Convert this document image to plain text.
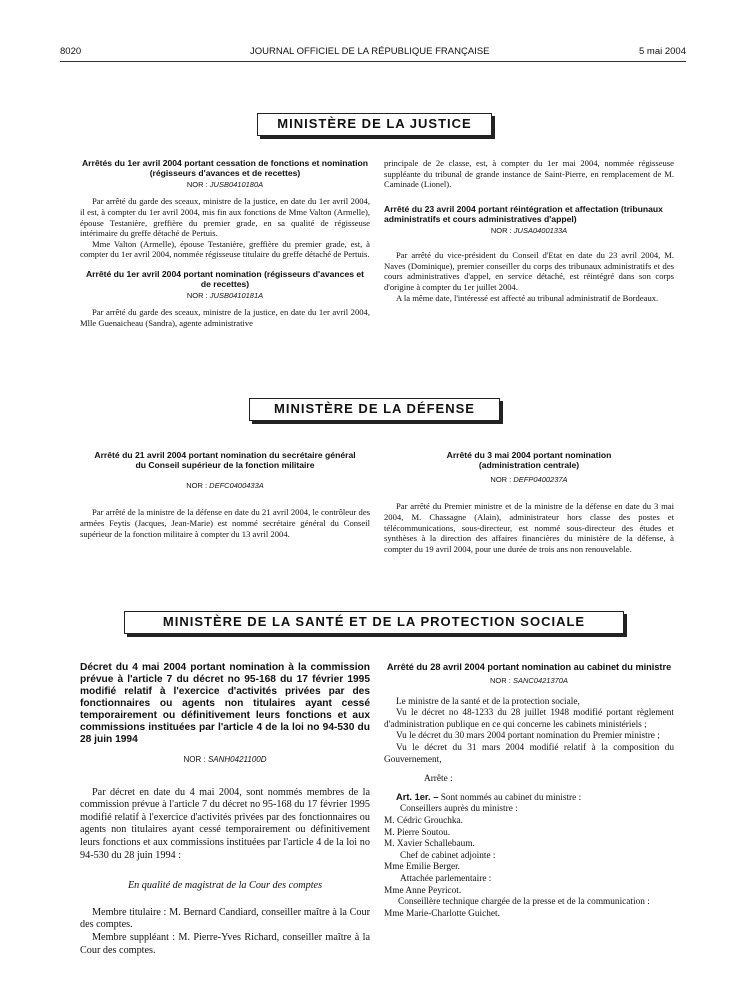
8020	JOURNAL OFFICIEL DE LA RÉPUBLIQUE FRANÇAISE	5 mai 2004
MINISTÈRE DE LA JUSTICE
Arrêtés du 1er avril 2004 portant cessation de fonctions et nomination (régisseurs d'avances et de recettes)
NOR : JUSB0410180A

Par arrêté du garde des sceaux, ministre de la justice, en date du 1er avril 2004, il est, à compter du 1er avril 2004, mis fin aux fonctions de Mme Valton (Armelle), épouse Testanière, greffière du premier grade, en sa qualité de régisseuse intérimaire du greffe détaché de Pertuis.

Mme Valton (Armelle), épouse Testanière, greffière du premier grade, est, à compter du 1er avril 2004, nommée régisseuse titulaire du greffe détaché de Pertuis.

Arrêté du 1er avril 2004 portant nomination (régisseurs d'avances et de recettes)
NOR : JUSB0410181A

Par arrêté du garde des sceaux, ministre de la justice, en date du 1er avril 2004, Mlle Guenaicheau (Sandra), agente administrative

principale de 2e classe, est, à compter du 1er mai 2004, nommée régisseuse suppléante du tribunal de grande instance de Saint-Pierre, en remplacement de M. Caminade (Lionel).

Arrêté du 23 avril 2004 portant réintégration et affectation (tribunaux administratifs et cours administratives d'appel)
NOR : JUSA0400133A

Par arrêté du vice-président du Conseil d'Etat en date du 23 avril 2004, M. Naves (Dominique), premier conseiller du corps des tribunaux administratifs et des cours administratives d'appel, en service détaché, est réintégré dans son corps d'origine à compter du 1er juillet 2004.

A la même date, l'intéressé est affecté au tribunal administratif de Bordeaux.

MINISTÈRE DE LA DÉFENSE
Arrêté du 21 avril 2004 portant nomination du secrétaire général du Conseil supérieur de la fonction militaire
NOR : DEFC0400433A

Par arrêté de la ministre de la défense en date du 21 avril 2004, le contrôleur des armées Feytis (Jacques, Jean-Marie) est nommé secrétaire général du Conseil supérieur de la fonction militaire à compter du 13 avril 2004.

Arrêté du 3 mai 2004 portant nomination (administration centrale)
NOR : DEFP0400237A

Par arrêté du Premier ministre et de la ministre de la défense en date du 3 mai 2004, M. Chassagne (Alain), administrateur hors classe des postes et télécommunications, sous-directeur, est nommé sous-directeur des études et synthèses à la direction des affaires financières du ministère de la défense, à compter du 19 avril 2004, pour une durée de trois ans non renouvelable.

MINISTÈRE DE LA SANTÉ ET DE LA PROTECTION SOCIALE
Décret du 4 mai 2004 portant nomination à la commission prévue à l'article 7 du décret no 95-168 du 17 février 1995 modifié relatif à l'exercice d'activités privées par des fonctionnaires ou agents non titulaires ayant cessé temporairement ou définitivement leurs fonctions et aux commissions instituées par l'article 4 de la loi no 94-530 du 28 juin 1994
NOR : SANH0421100D

Par décret en date du 4 mai 2004, sont nommés membres de la commission prévue à l'article 7 du décret no 95-168 du 17 février 1995 modifié relatif à l'exercice d'activités privées par des fonctionnaires ou agents non titulaires ayant cessé temporairement ou définitivement leurs fonctions et aux commissions instituées par l'article 4 de la loi no 94-530 du 28 juin 1994 :

En qualité de magistrat de la Cour des comptes

Membre titulaire : M. Bernard Candiard, conseiller maître à la Cour des comptes.

Membre suppléant : M. Pierre-Yves Richard, conseiller maître à la Cour des comptes.

Arrêté du 28 avril 2004 portant nomination au cabinet du ministre
NOR : SANC0421370A

Le ministre de la santé et de la protection sociale,

Vu le décret no 48-1233 du 28 juillet 1948 modifié portant règlement d'administration publique en ce qui concerne les cabinets ministériels ;

Vu le décret du 30 mars 2004 portant nomination du Premier ministre ;

Vu le décret du 31 mars 2004 modifié relatif à la composition du Gouvernement,

Arrête :

Art. 1er. – Sont nommés au cabinet du ministre :

Conseillers auprès du ministre :

M. Cédric Grouchka.

M. Pierre Soutou.

M. Xavier Schallebaum.

Chef de cabinet adjointe :

Mme Emilie Berger.

Attachée parlementaire :

Mme Anne Peyricot.

Conseillère technique chargée de la presse et de la communication :

Mme Marie-Charlotte Guichet.
